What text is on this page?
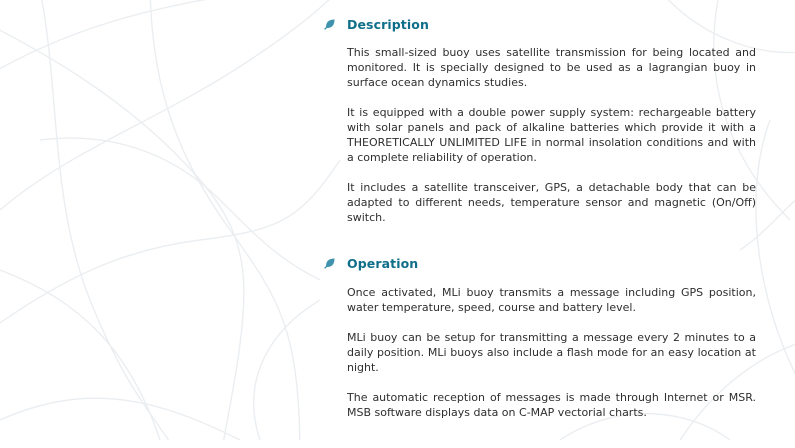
Description

This small-sized buoy uses satellite transmission for being located and monitored. It is specially designed to be used as a lagrangian buoy in surface ocean dynamics studies.

It is equipped with a double power supply system: rechargeable battery with solar panels and pack of alkaline batteries which provide it with a THEORETICALLY UNLIMITED LIFE in normal insolation conditions and with a complete reliability of operation.

It includes a satellite transceiver, GPS, a detachable body that can be adapted to different needs, temperature sensor and magnetic (On/Off) switch.

Operation

Once activated, MLi buoy transmits a message including GPS position, water temperature, speed, course and battery level.

MLi buoy can be setup for transmitting a message every 2 minutes to a daily position. MLi buoys also include a flash mode for an easy location at night.

The automatic reception of messages is made through Internet or MSR. MSB software displays data on C-MAP vectorial charts.
